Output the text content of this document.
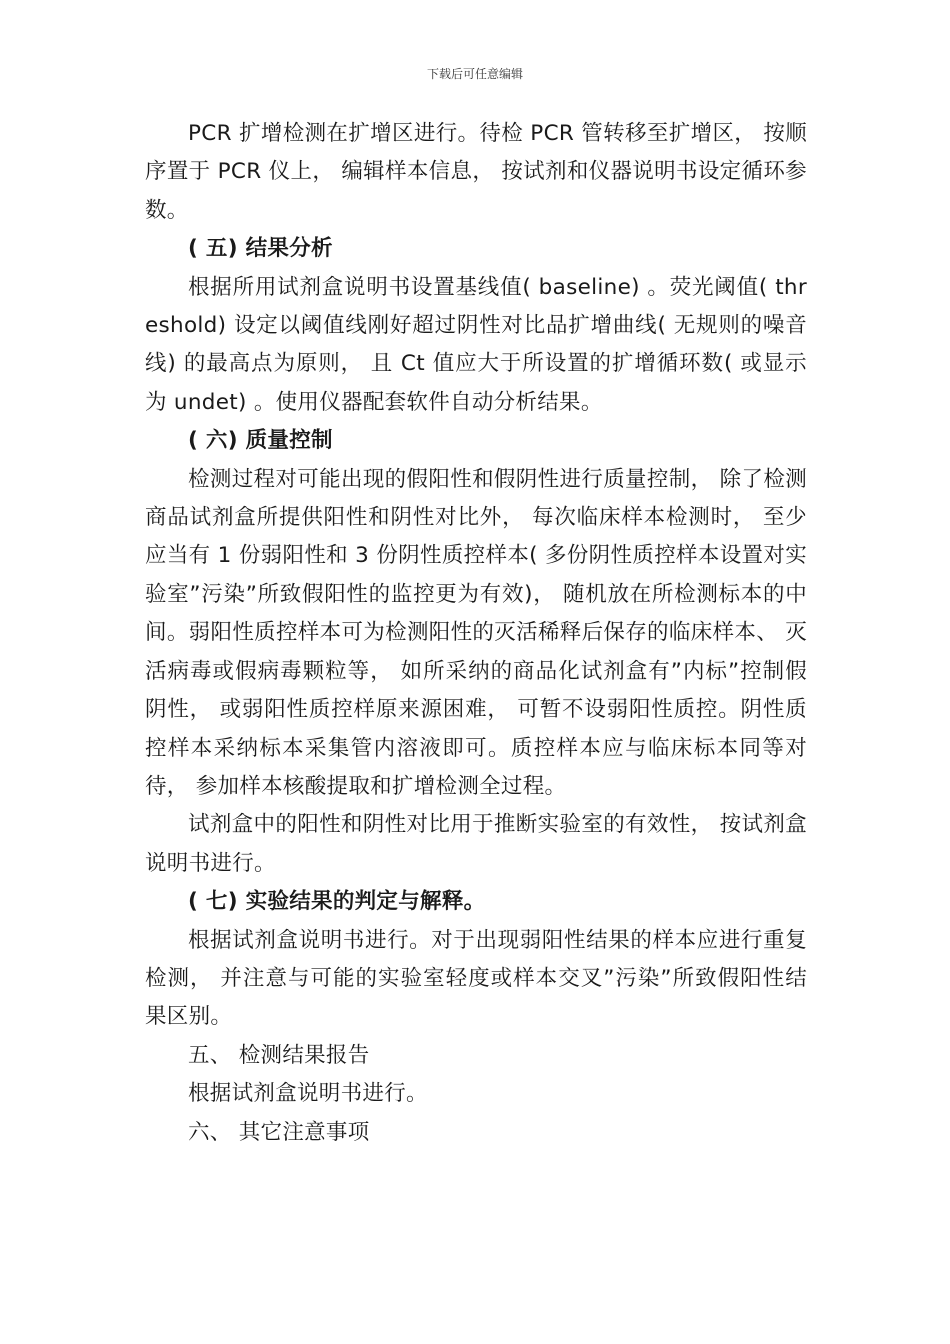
下载后可任意编辑

PCR 扩增检测在扩增区进行。待检 PCR 管转移至扩增区， 按顺序置于 PCR 仪上， 编辑样本信息， 按试剂和仪器说明书设定循环参数。

( 五) 结果分析

根据所用试剂盒说明书设置基线值( baseline) 。荧光阈值( threshold) 设定以阈值线刚好超过阴性对比品扩增曲线( 无规则的噪音线) 的最高点为原则， 且 Ct 值应大于所设置的扩增循环数( 或显示为 undet) 。使用仪器配套软件自动分析结果。

( 六) 质量控制

检测过程对可能出现的假阳性和假阴性进行质量控制， 除了检测商品试剂盒所提供阳性和阴性对比外， 每次临床样本检测时， 至少应当有 1 份弱阳性和 3 份阴性质控样本( 多份阴性质控样本设置对实验室”污染”所致假阳性的监控更为有效)， 随机放在所检测标本的中间。弱阳性质控样本可为检测阳性的灭活稀释后保存的临床样本、 灭活病毒或假病毒颗粒等， 如所采纳的商品化试剂盒有”内标”控制假阴性， 或弱阳性质控样原来源困难， 可暂不设弱阳性质控。阴性质控样本采纳标本采集管内溶液即可。质控样本应与临床标本同等对待， 参加样本核酸提取和扩增检测全过程。

试剂盒中的阳性和阴性对比用于推断实验室的有效性， 按试剂盒说明书进行。

( 七) 实验结果的判定与解释。

根据试剂盒说明书进行。对于出现弱阳性结果的样本应进行重复检测， 并注意与可能的实验室轻度或样本交叉”污染”所致假阳性结果区别。

五、 检测结果报告

根据试剂盒说明书进行。

六、 其它注意事项
